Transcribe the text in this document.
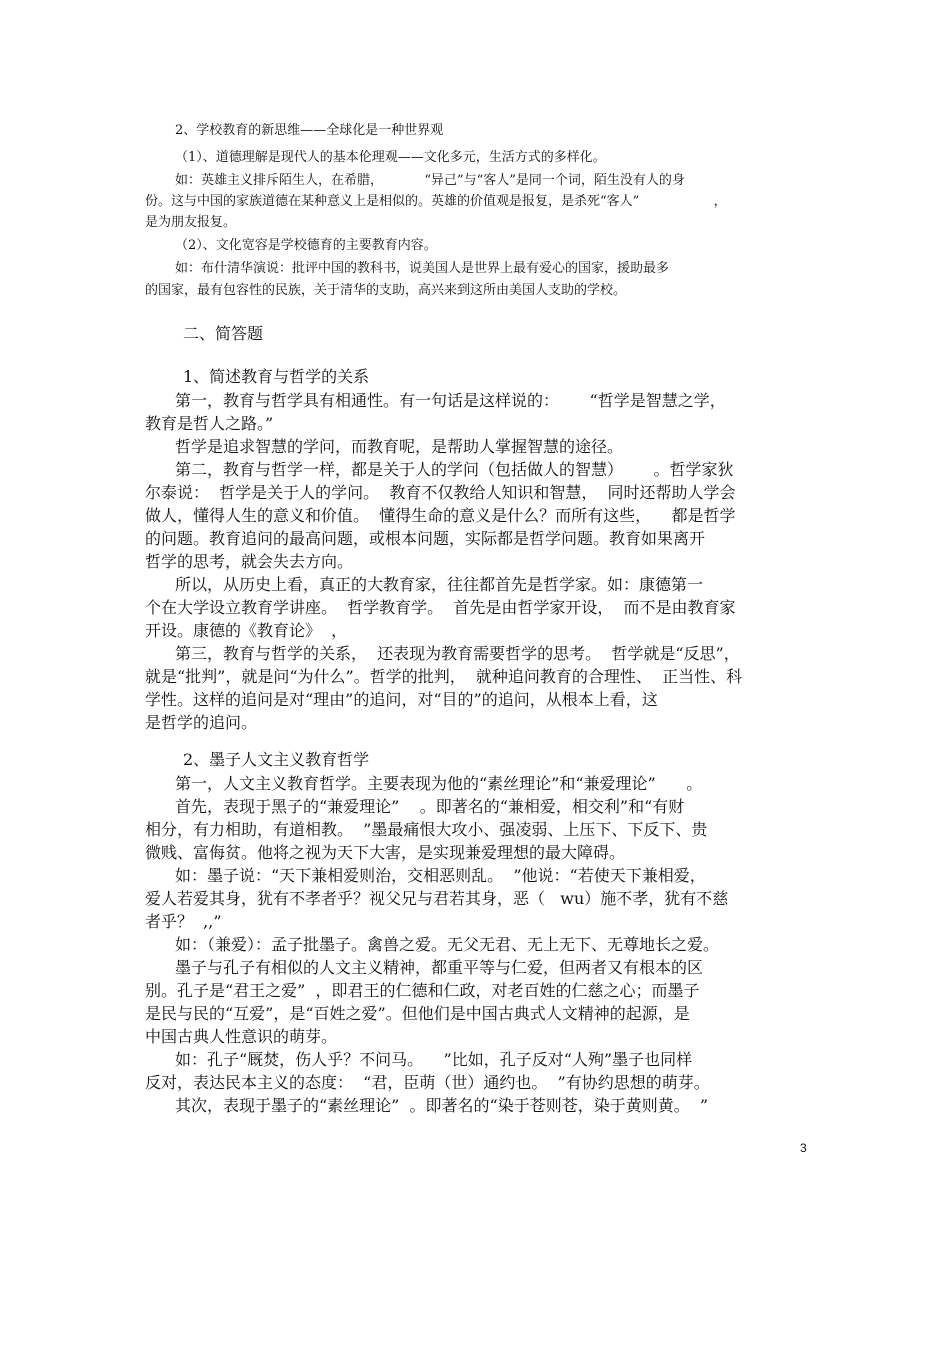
2、学校教育的新思维——全球化是一种世界观
（1）、道德理解是现代人的基本伦理观——文化多元，生活方式的多样化。
如：英雄主义排斥陌生人，在希腊，          “异己”与“客人”是同一个词，陌生没有人的身
份。这与中国的家族道德在某种意义上是相似的。英雄的价值观是报复，是杀死“客人”                  ，
是为朋友报复。
（2）、文化宽容是学校德育的主要教育内容。
如：布什清华演说：批评中国的教科书，说美国人是世界上最有爱心的国家，援助最多
的国家，最有包容性的民族，关于清华的支助，高兴来到这所由美国人支助的学校。
二、简答题
1、简述教育与哲学的关系
第一，教育与哲学具有相通性。有一句话是这样说的：      “哲学是智慧之学，
教育是哲人之路。”
哲学是追求智慧的学问，而教育呢，是帮助人掌握智慧的途径。
第二，教育与哲学一样，都是关于人的学问（包括做人的智慧）      。哲学家狄
尔泰说：  哲学是关于人的学问。  教育不仅教给人知识和智慧，  同时还帮助人学会
做人，懂得人生的意义和价值。  懂得生命的意义是什么？而所有这些，    都是哲学
的问题。教育追问的最高问题，或根本问题，实际都是哲学问题。教育如果离开
哲学的思考，就会失去方向。
所以，从历史上看，真正的大教育家，往往都首先是哲学家。如：康德第一
个在大学设立教育学讲座。  哲学教育学。  首先是由哲学家开设，  而不是由教育家
开设。康德的《教育论》  ，
第三，教育与哲学的关系，  还表现为教育需要哲学的思考。  哲学就是“反思”，
就是“批判”，就是问“为什么”。哲学的批判，  就种追问教育的合理性、  正当性、科
学性。这样的追问是对“理由”的追问，对“目的”的追问，从根本上看，这
是哲学的追问。
2、墨子人文主义教育哲学
第一，人文主义教育哲学。主要表现为他的“素丝理论”和“兼爱理论”      。
首先，表现于黑子的“兼爱理论”    。即著名的“兼相爱，相交利”和“有财
相分，有力相助，有道相教。  ”墨最痛恨大攻小、强凌弱、上压下、下反下、贵
微贱、富侮贫。他将之视为天下大害，是实现兼爱理想的最大障碍。
如：墨子说：“天下兼相爱则治，交相恶则乱。  ”他说：“若使天下兼相爱，
爱人若爱其身，犹有不孝者乎？视父兄与君若其身，恶（   wu）施不孝，犹有不慈
者乎？  ,,”
如：（兼爱）：孟子批墨子。禽兽之爱。无父无君、无上无下、无尊地长之爱。
墨子与孔子有相似的人文主义精神，都重平等与仁爱，但两者又有根本的区
别。孔子是“君王之爱”  ，即君王的仁德和仁政，对老百姓的仁慈之心；而墨子
是民与民的“互爱”，是“百姓之爱”。但他们是中国古典式人文精神的起源，是
中国古典人性意识的萌芽。
如：孔子“厩焚，伤人乎？不问马。    ”比如，孔子反对“人殉”墨子也同样
反对，表达民本主义的态度：  “君，臣萌（世）通约也。  ”有协约思想的萌芽。
其次，表现于墨子的“素丝理论”  。即著名的“染于苍则苍，染于黄则黄。  ”
3
